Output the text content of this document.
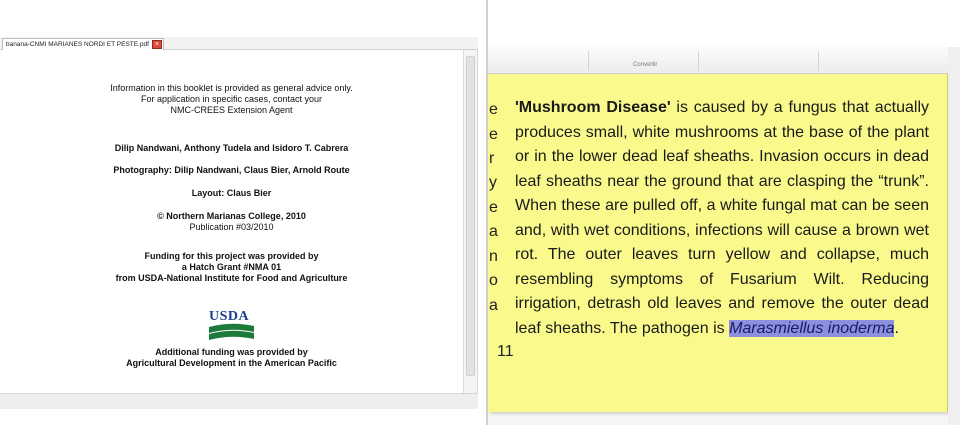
banana-CNMI MARIANES NORDI ET PESTE.pdf ×
Information in this booklet is provided as general advice only.
For application in specific cases, contact your
NMC-CREES Extension Agent
Dilip Nandwani, Anthony Tudela and Isidoro T. Cabrera
Photography: Dilip Nandwani, Claus Bier, Arnold Route
Layout: Claus Bier
© Northern Marianas College, 2010
Publication #03/2010
Funding for this project was provided by
a Hatch Grant #NMA 01
from USDA-National Institute for Food and Agriculture
USDA
Additional funding was provided by
Agricultural Development in the American Pacific
Convertir
e
e
r
y
e
a
n
o
a
'Mushroom Disease' is caused by a fungus that actually produces small, white mushrooms at the base of the plant or in the lower dead leaf sheaths. Invasion occurs in dead leaf sheaths near the ground that are clasping the “trunk”. When these are pulled off, a white fungal mat can be seen and, with wet conditions, infections will cause a brown wet rot. The outer leaves turn yellow and collapse, much resembling symptoms of Fusarium Wilt. Reducing irrigation, detrash old leaves and remove the outer dead leaf sheaths. The pathogen is Marasmiellus inoderma.
11
